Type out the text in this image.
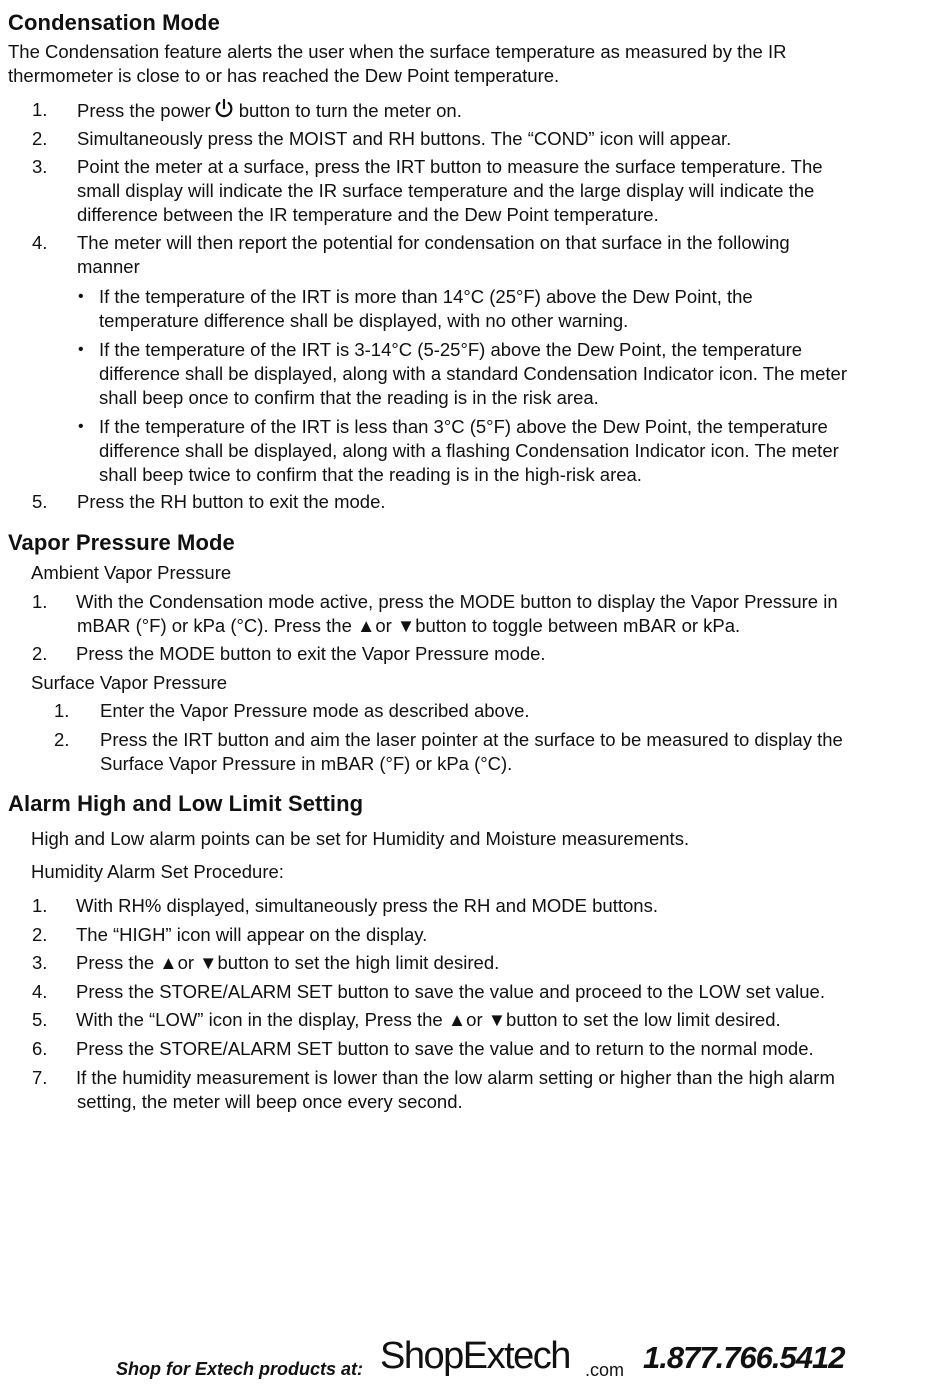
Condensation Mode

The Condensation feature alerts the user when the surface temperature as measured by the IR

thermometer is close to or has reached the Dew Point temperature.

1. Press the power button to turn the meter on.
2. Simultaneously press the MOIST and RH buttons. The “COND” icon will appear.
3. Point the meter at a surface, press the IRT button to measure the surface temperature. The
small display will indicate the IR surface temperature and the large display will indicate the
difference between the IR temperature and the Dew Point temperature.
4. The meter will then report the potential for condensation on that surface in the following
manner
• If the temperature of the IRT is more than 14°C (25°F) above the Dew Point, the
temperature difference shall be displayed, with no other warning.
• If the temperature of the IRT is 3-14°C (5-25°F) above the Dew Point, the temperature
difference shall be displayed, along with a standard Condensation Indicator icon. The meter
shall beep once to confirm that the reading is in the risk area.
• If the temperature of the IRT is less than 3°C (5°F) above the Dew Point, the temperature
difference shall be displayed, along with a flashing Condensation Indicator icon. The meter
shall beep twice to confirm that the reading is in the high-risk area.
5. Press the RH button to exit the mode.
Vapor Pressure Mode

Ambient Vapor Pressure

1. With the Condensation mode active, press the MODE button to display the Vapor Pressure in
mBAR (°F) or kPa (°C). Press the ▲or ▼button to toggle between mBAR or kPa.
2. Press the MODE button to exit the Vapor Pressure mode.

Surface Vapor Pressure

1. Enter the Vapor Pressure mode as described above.
2. Press the IRT button and aim the laser pointer at the surface to be measured to display the
Surface Vapor Pressure in mBAR (°F) or kPa (°C).
Alarm High and Low Limit Setting

High and Low alarm points can be set for Humidity and Moisture measurements.

Humidity Alarm Set Procedure:

1. With RH% displayed, simultaneously press the RH and MODE buttons.
2. The “HIGH” icon will appear on the display.
3. Press the ▲or ▼button to set the high limit desired.
4. Press the STORE/ALARM SET button to save the value and proceed to the LOW set value.
5. With the “LOW” icon in the display, Press the ▲or ▼button to set the low limit desired.
6. Press the STORE/ALARM SET button to save the value and to return to the normal mode.
7. If the humidity measurement is lower than the low alarm setting or higher than the high alarm
setting, the meter will beep once every second.
Shop for Extech products at: ShopExtech .com 1.877.766.5412
